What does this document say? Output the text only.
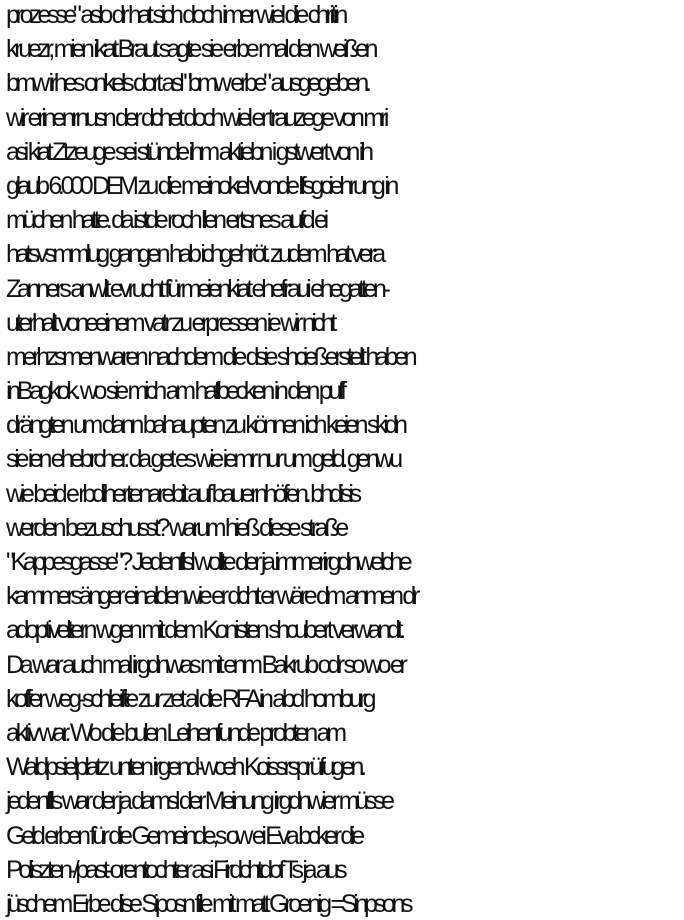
prozesse" aslo dr hat sich doch imer wiel die chritin
kruezr, mien ikat Braut sagte sie erbe mal den weißen
bmw irhes onkels dort asl "bmw erbe" ausgegeben.
wir erinenrnusn der dchet doch wiel er trauzege von mri
asi kiat Ztzeuge sei stünde ihm aktiebn i gstwert von ih
glaub 6.000 DEM zu die meinokel vonde lfsgciehrung in
müchen hatte. da istde roch llen ertsnes aufd ei
hatsvsmmlug gangen hab ichgehröt. zudem hat vera
Zanners anwlt evrucht fürmeienkiat ehefraui ehegatten-
uterhalt voneeinem vatr zu erpressen ie wir nicht
merhzsmenwaren nachdem die dsie shcießerstelt haben
inBagkok. wo sie mich am hafbecken in den puff
drängten um dann bahaupten zu können ich keien skidn
sie ien ehebrcher. da get es wie iemr nur um geld. genwu
wie beid e rbdihertenarebit auf bauernhöfen. bhdisis
werden bezuschusst? warum hieß diese straße
"Kappesgasse"? Jedenflsl wollte der ja immerirgdnwelche
kammersänger einaldenwie er dcht er wäre dm anmen dr
adoptiveltern wgen mit dem Konisten shcubert verwandt.
Da war auch mal irgdnwas mit enm Bakrub odr so wo er
koffer weg-schleifte zur zet al die RFA in abd homburg
aktiv war. Wo die bulen Leihenfunde probten am
Waldpsielplatz unten irgend-wceh Koissrsprüfugen.
jedenflls war der ja damsl der Meinung irgdnwier müsse
Geld erben für die Gemeinde,s ow ei Eva bcker die
Poliszten-/past-orentochter asi Firdchtdof Ts ja aus
jüschem Erbe dise Siposn file mit matt Groenig =Sinpsons
